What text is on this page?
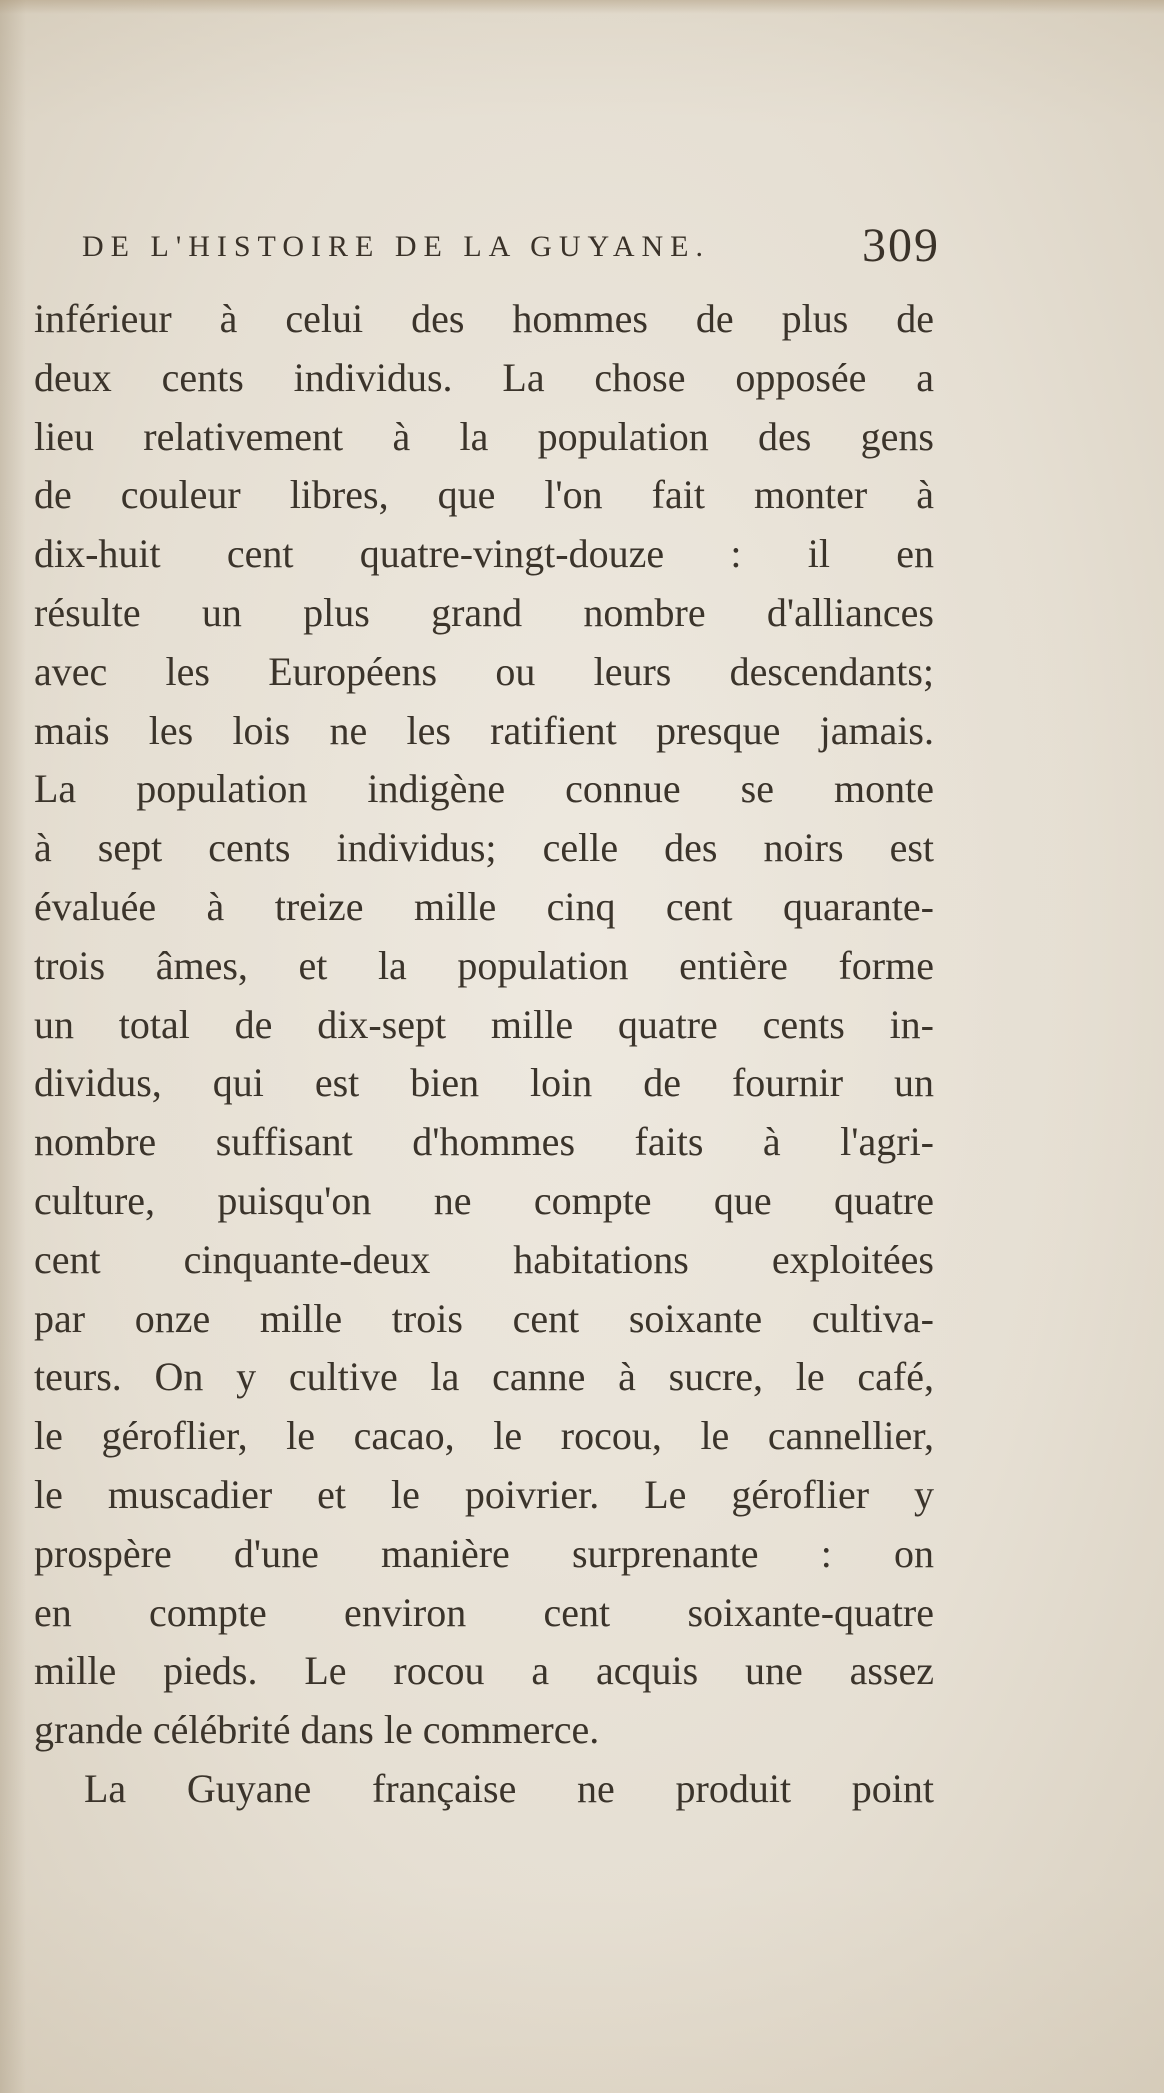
DE L'HISTOIRE DE LA GUYANE.	309
inférieur à celui des hommes de plus de
deux cents individus. La chose opposée a
lieu relativement à la population des gens
de couleur libres, que l'on fait monter à
dix-huit cent quatre-vingt-douze : il en
résulte un plus grand nombre d'alliances
avec les Européens ou leurs descendants;
mais les lois ne les ratifient presque jamais.
La population indigène connue se monte
à sept cents individus; celle des noirs est
évaluée à treize mille cinq cent quarante-
trois âmes, et la population entière forme
un total de dix-sept mille quatre cents in-
dividus, qui est bien loin de fournir un
nombre suffisant d'hommes faits à l'agri-
culture, puisqu'on ne compte que quatre
cent cinquante-deux habitations exploitées
par onze mille trois cent soixante cultiva-
teurs. On y cultive la canne à sucre, le café,
le géroflier, le cacao, le rocou, le cannellier,
le muscadier et le poivrier. Le géroflier y
prospère d'une manière surprenante : on
en compte environ cent soixante-quatre
mille pieds. Le rocou a acquis une assez
grande célébrité dans le commerce.
La Guyane française ne produit point
